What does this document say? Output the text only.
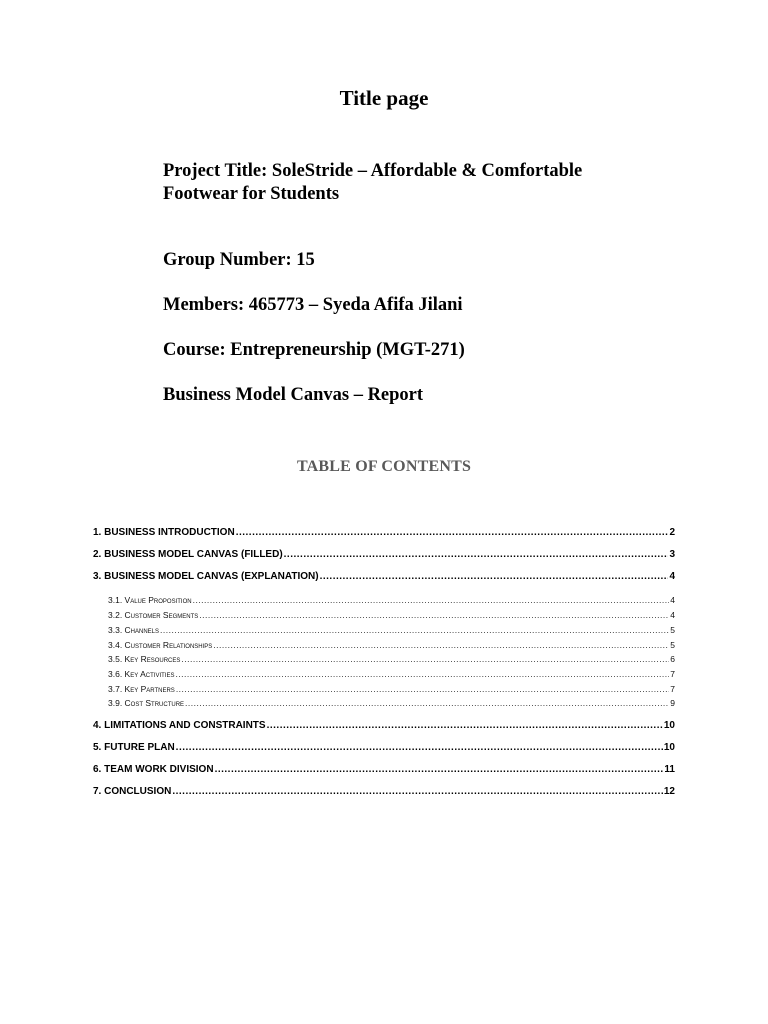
Title page
Project Title: SoleStride – Affordable & Comfortable Footwear for Students
Group Number: 15
Members: 465773 – Syeda Afifa Jilani
Course: Entrepreneurship (MGT-271)
Business Model Canvas – Report
TABLE OF CONTENTS
1. BUSINESS INTRODUCTION .....	2
2. BUSINESS MODEL CANVAS (FILLED) .....	3
3. BUSINESS MODEL CANVAS (EXPLANATION) .....	4
3.1. Value Proposition .....	4
3.2. Customer Segments .....	4
3.3. Channels .....	5
3.4. Customer Relationships .....	5
3.5. Key Resources .....	6
3.6. Key Activities .....	7
3.7. Key Partners .....	7
3.9. Cost Structure .....	9
4. LIMITATIONS AND CONSTRAINTS .....	10
5. FUTURE PLAN .....	10
6. TEAM WORK DIVISION .....	11
7. CONCLUSION .....	12
